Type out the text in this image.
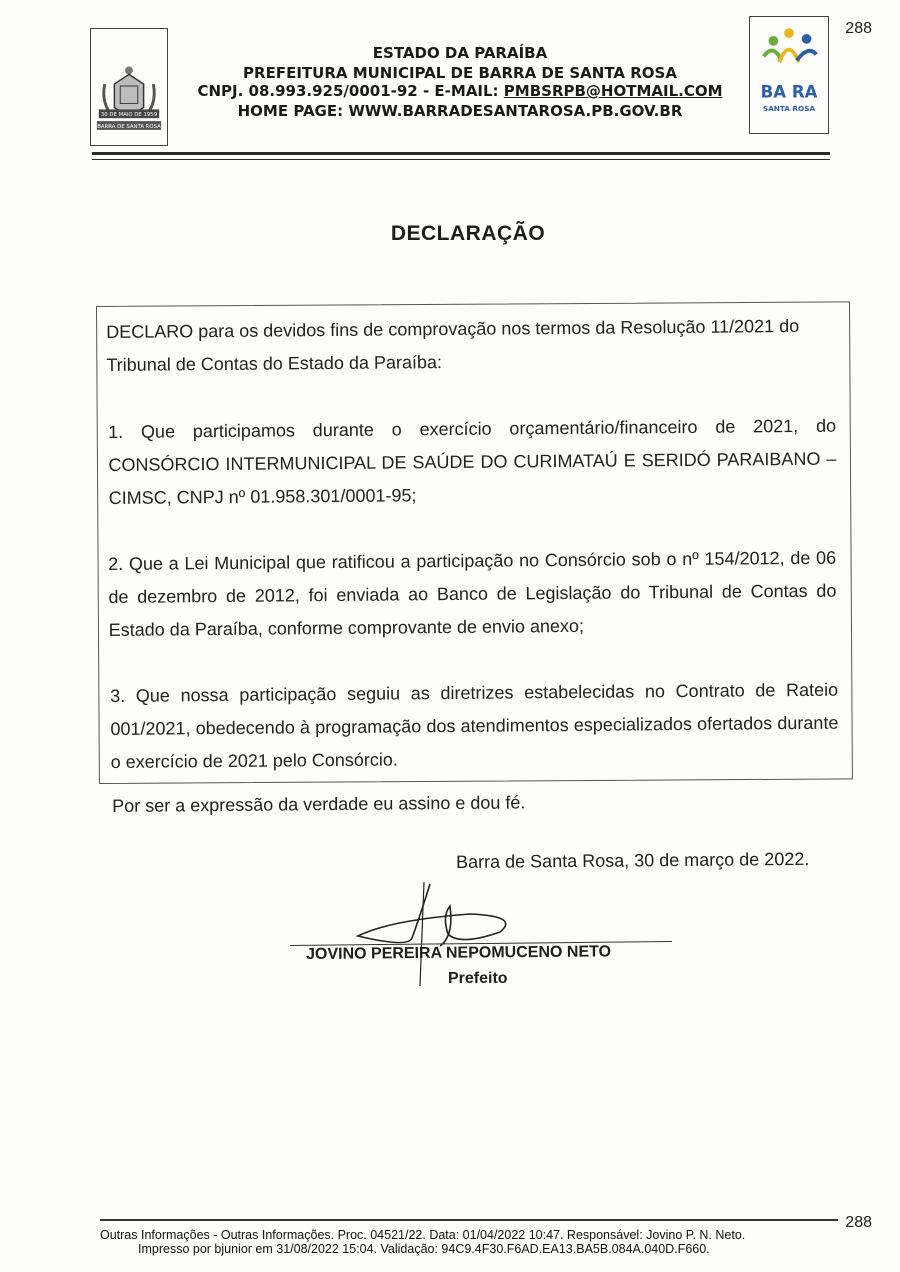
288
30 DE MAIO DE 1959
BARRA DE SANTA ROSA
ESTADO DA PARAÍBA
PREFEITURA MUNICIPAL DE BARRA DE SANTA ROSA
CNPJ. 08.993.925/0001-92 - E-MAIL: PMBSRPB@HOTMAIL.COM
HOME PAGE: WWW.BARRADESANTAROSA.PB.GOV.BR
BA RA
SANTA ROSA
DECLARAÇÃO
DECLARO para os devidos fins de comprovação nos termos da Resolução 11/2021 do Tribunal de Contas do Estado da Paraíba:
1. Que participamos durante o exercício orçamentário/financeiro de 2021, do CONSÓRCIO INTERMUNICIPAL DE SAÚDE DO CURIMATAÚ E SERIDÓ PARAIBANO – CIMSC, CNPJ nº 01.958.301/0001-95;
2. Que a Lei Municipal que ratificou a participação no Consórcio sob o nº 154/2012, de 06 de dezembro de 2012, foi enviada ao Banco de Legislação do Tribunal de Contas do Estado da Paraíba, conforme comprovante de envio anexo;
3. Que nossa participação seguiu as diretrizes estabelecidas no Contrato de Rateio 001/2021, obedecendo à programação dos atendimentos especializados ofertados durante o exercício de 2021 pelo Consórcio.
Por ser a expressão da verdade eu assino e dou fé.
Barra de Santa Rosa, 30 de março de 2022.
JOVINO PEREIRA NEPOMUCENO NETO
Prefeito
288
Outras Informações - Outras Informações. Proc. 04521/22. Data: 01/04/2022 10:47. Responsável: Jovino P. N. Neto.
Impresso por bjunior em 31/08/2022 15:04. Validação: 94C9.4F30.F6AD.EA13.BA5B.084A.040D.F660.
